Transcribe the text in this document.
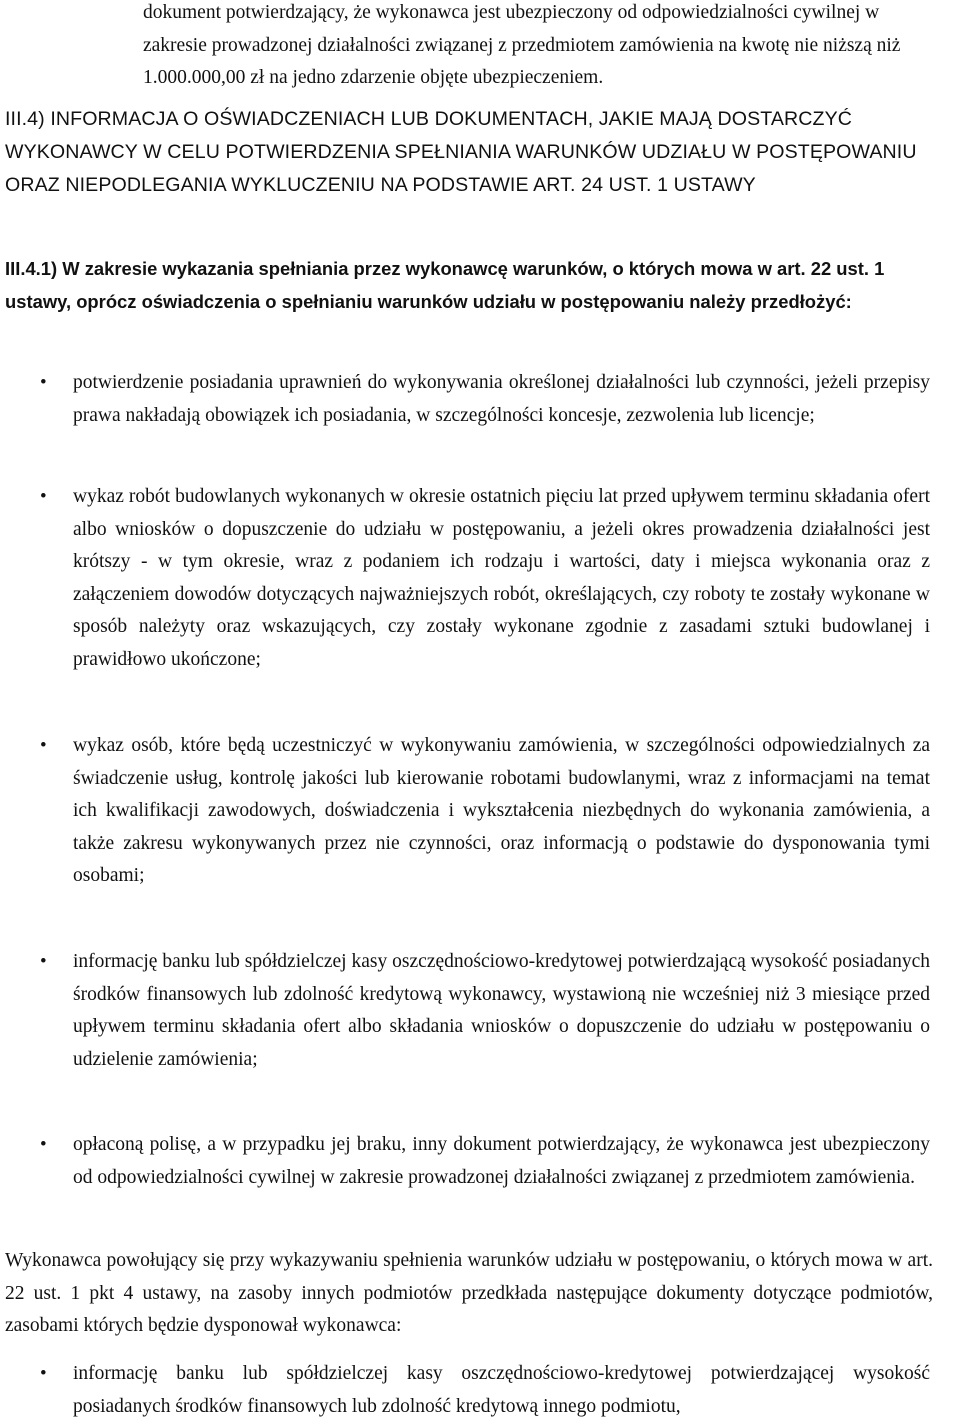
dokument potwierdzający, że wykonawca jest ubezpieczony od odpowiedzialności cywilnej w zakresie prowadzonej działalności związanej z przedmiotem zamówienia na kwotę nie niższą niż 1.000.000,00 zł na jedno zdarzenie objęte ubezpieczeniem.
III.4) INFORMACJA O OŚWIADCZENIACH LUB DOKUMENTACH, JAKIE MAJĄ DOSTARCZYĆ WYKONAWCY W CELU POTWIERDZENIA SPEŁNIANIA WARUNKÓW UDZIAŁU W POSTĘPOWANIU ORAZ NIEPODLEGANIA WYKLUCZENIU NA PODSTAWIE ART. 24 UST. 1 USTAWY
III.4.1) W zakresie wykazania spełniania przez wykonawcę warunków, o których mowa w art. 22 ust. 1 ustawy, oprócz oświadczenia o spełnianiu warunków udziału w postępowaniu należy przedłożyć:
• potwierdzenie posiadania uprawnień do wykonywania określonej działalności lub czynności, jeżeli przepisy prawa nakładają obowiązek ich posiadania, w szczególności koncesje, zezwolenia lub licencje;
• wykaz robót budowlanych wykonanych w okresie ostatnich pięciu lat przed upływem terminu składania ofert albo wniosków o dopuszczenie do udziału w postępowaniu, a jeżeli okres prowadzenia działalności jest krótszy - w tym okresie, wraz z podaniem ich rodzaju i wartości, daty i miejsca wykonania oraz z załączeniem dowodów dotyczących najważniejszych robót, określających, czy roboty te zostały wykonane w sposób należyty oraz wskazujących, czy zostały wykonane zgodnie z zasadami sztuki budowlanej i prawidłowo ukończone;
• wykaz osób, które będą uczestniczyć w wykonywaniu zamówienia, w szczególności odpowiedzialnych za świadczenie usług, kontrolę jakości lub kierowanie robotami budowlanymi, wraz z informacjami na temat ich kwalifikacji zawodowych, doświadczenia i wykształcenia niezbędnych do wykonania zamówienia, a także zakresu wykonywanych przez nie czynności, oraz informacją o podstawie do dysponowania tymi osobami;
• informację banku lub spółdzielczej kasy oszczędnościowo-kredytowej potwierdzającą wysokość posiadanych środków finansowych lub zdolność kredytową wykonawcy, wystawioną nie wcześniej niż 3 miesiące przed upływem terminu składania ofert albo składania wniosków o dopuszczenie do udziału w postępowaniu o udzielenie zamówienia;
• opłaconą polisę, a w przypadku jej braku, inny dokument potwierdzający, że wykonawca jest ubezpieczony od odpowiedzialności cywilnej w zakresie prowadzonej działalności związanej z przedmiotem zamówienia.
Wykonawca powołujący się przy wykazywaniu spełnienia warunków udziału w postępowaniu, o których mowa w art. 22 ust. 1 pkt 4 ustawy, na zasoby innych podmiotów przedkłada następujące dokumenty dotyczące podmiotów, zasobami których będzie dysponował wykonawca:
• informację banku lub spółdzielczej kasy oszczędnościowo-kredytowej potwierdzającej wysokość posiadanych środków finansowych lub zdolność kredytową innego podmiotu,
